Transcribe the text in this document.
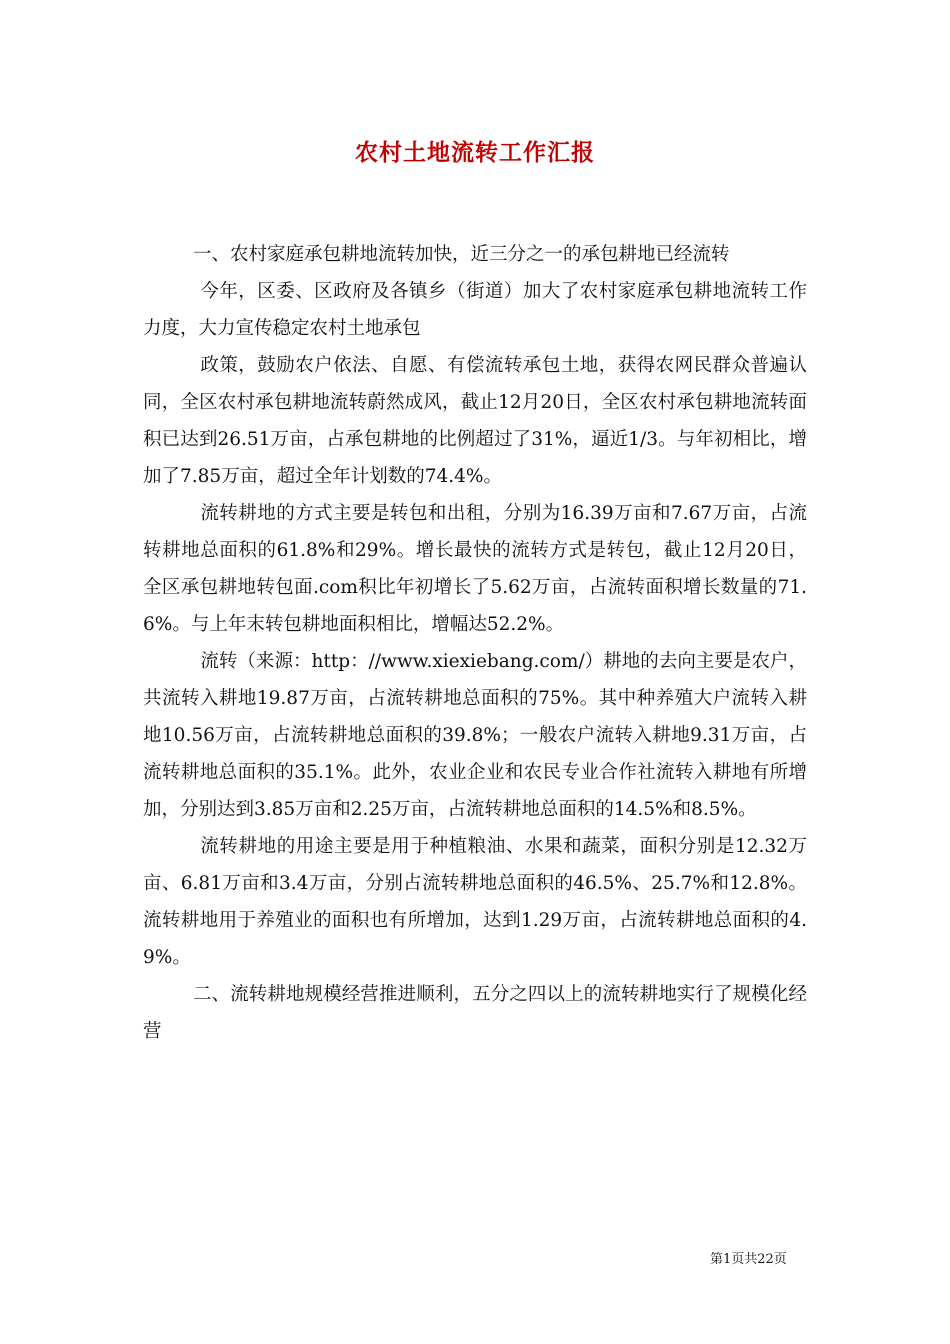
农村土地流转工作汇报

一、农村家庭承包耕地流转加快，近三分之一的承包耕地已经流转

今年，区委、区政府及各镇乡（街道）加大了农村家庭承包耕地流转工作力度，大力宣传稳定农村土地承包

政策，鼓励农户依法、自愿、有偿流转承包土地，获得农网民群众普遍认同，全区农村承包耕地流转蔚然成风，截止12月20日，全区农村承包耕地流转面积已达到26.51万亩，占承包耕地的比例超过了31%，逼近1/3。与年初相比，增加了7.85万亩，超过全年计划数的74.4%。

流转耕地的方式主要是转包和出租，分别为16.39万亩和7.67万亩，占流转耕地总面积的61.8%和29%。增长最快的流转方式是转包，截止12月20日，全区承包耕地转包面.com积比年初增长了5.62万亩，占流转面积增长数量的71.6%。与上年末转包耕地面积相比，增幅达52.2%。

流转（来源：http：//www.xiexiebang.com/）耕地的去向主要是农户，共流转入耕地19.87万亩，占流转耕地总面积的75%。其中种养殖大户流转入耕地10.56万亩，占流转耕地总面积的39.8%；一般农户流转入耕地9.31万亩，占流转耕地总面积的35.1%。此外，农业企业和农民专业合作社流转入耕地有所增加，分别达到3.85万亩和2.25万亩，占流转耕地总面积的14.5%和8.5%。

流转耕地的用途主要是用于种植粮油、水果和蔬菜，面积分别是12.32万亩、6.81万亩和3.4万亩，分别占流转耕地总面积的46.5%、25.7%和12.8%。流转耕地用于养殖业的面积也有所增加，达到1.29万亩，占流转耕地总面积的4.9%。

二、流转耕地规模经营推进顺利，五分之四以上的流转耕地实行了规模化经营

第1页共22页
